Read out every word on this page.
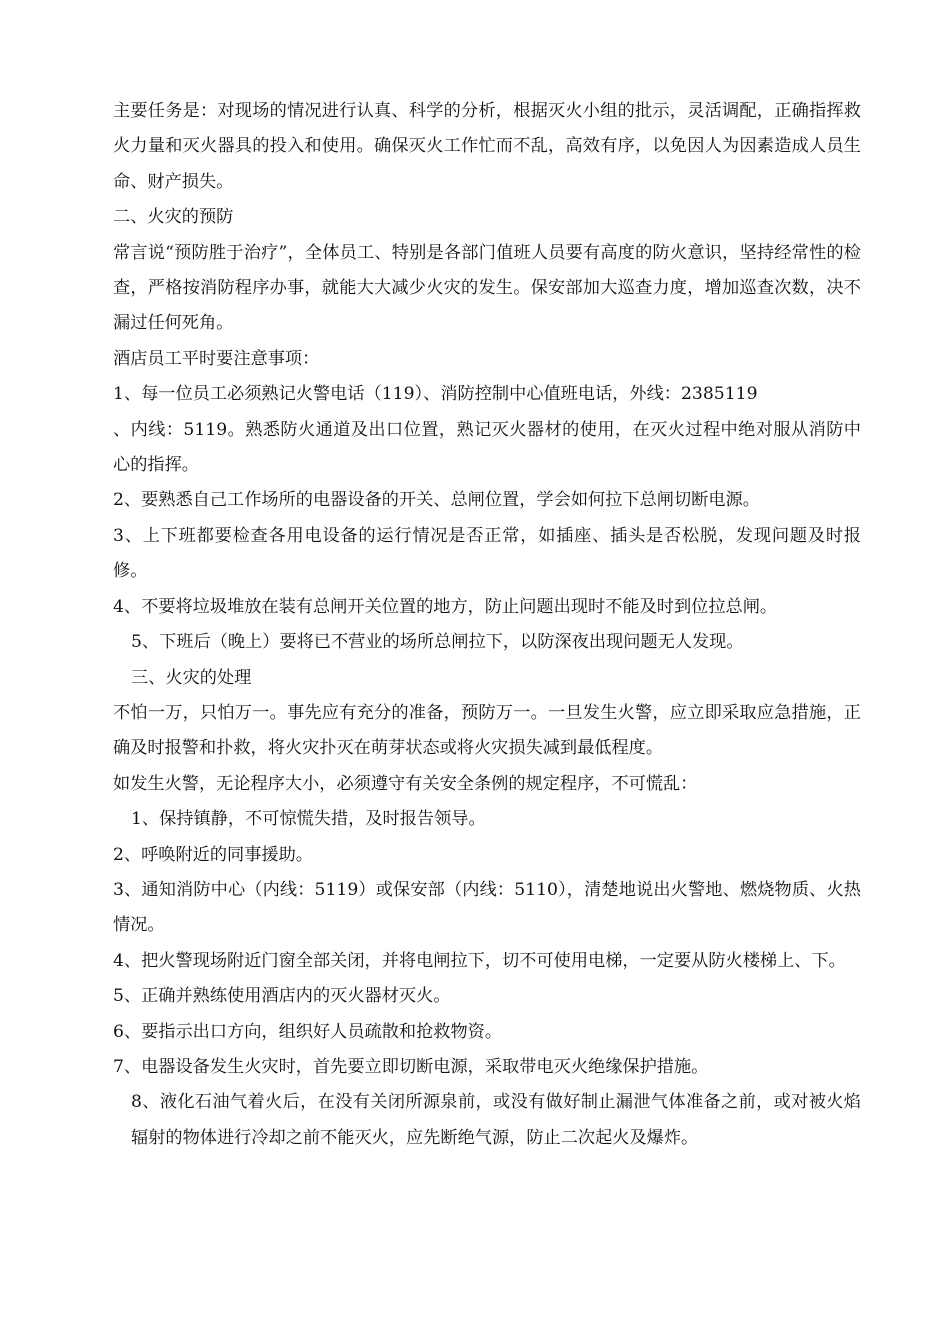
主要任务是：对现场的情况进行认真、科学的分析，根据灭火小组的批示，灵活调配，正确指挥救火力量和灭火器具的投入和使用。确保灭火工作忙而不乱，高效有序，以免因人为因素造成人员生命、财产损失。

二、火灾的预防

常言说“预防胜于治疗”，全体员工、特别是各部门值班人员要有高度的防火意识，坚持经常性的检查，严格按消防程序办事，就能大大减少火灾的发生。保安部加大巡查力度，增加巡查次数，决不漏过任何死角。

酒店员工平时要注意事项：

1、每一位员工必须熟记火警电话（119）、消防控制中心值班电话，外线：2385119

、内线：5119。熟悉防火通道及出口位置，熟记灭火器材的使用，在灭火过程中绝对服从消防中心的指挥。

2、要熟悉自己工作场所的电器设备的开关、总闸位置，学会如何拉下总闸切断电源。

3、上下班都要检查各用电设备的运行情况是否正常，如插座、插头是否松脱，发现问题及时报修。

4、不要将垃圾堆放在装有总闸开关位置的地方，防止问题出现时不能及时到位拉总闸。

5、下班后（晚上）要将已不营业的场所总闸拉下，以防深夜出现问题无人发现。

三、火灾的处理

不怕一万，只怕万一。事先应有充分的准备，预防万一。一旦发生火警，应立即采取应急措施，正确及时报警和扑救，将火灾扑灭在萌芽状态或将火灾损失减到最低程度。

如发生火警，无论程序大小，必须遵守有关安全条例的规定程序，不可慌乱：

1、保持镇静，不可惊慌失措，及时报告领导。

2、呼唤附近的同事援助。

3、通知消防中心（内线：5119）或保安部（内线：5110），清楚地说出火警地、燃烧物质、火热情况。

4、把火警现场附近门窗全部关闭，并将电闸拉下，切不可使用电梯，一定要从防火楼梯上、下。

5、正确并熟练使用酒店内的灭火器材灭火。

6、要指示出口方向，组织好人员疏散和抢救物资。

7、电器设备发生火灾时，首先要立即切断电源，采取带电灭火绝缘保护措施。

8、液化石油气着火后，在没有关闭所源泉前，或没有做好制止漏泄气体准备之前，或对被火焰辐射的物体进行冷却之前不能灭火，应先断绝气源，防止二次起火及爆炸。
